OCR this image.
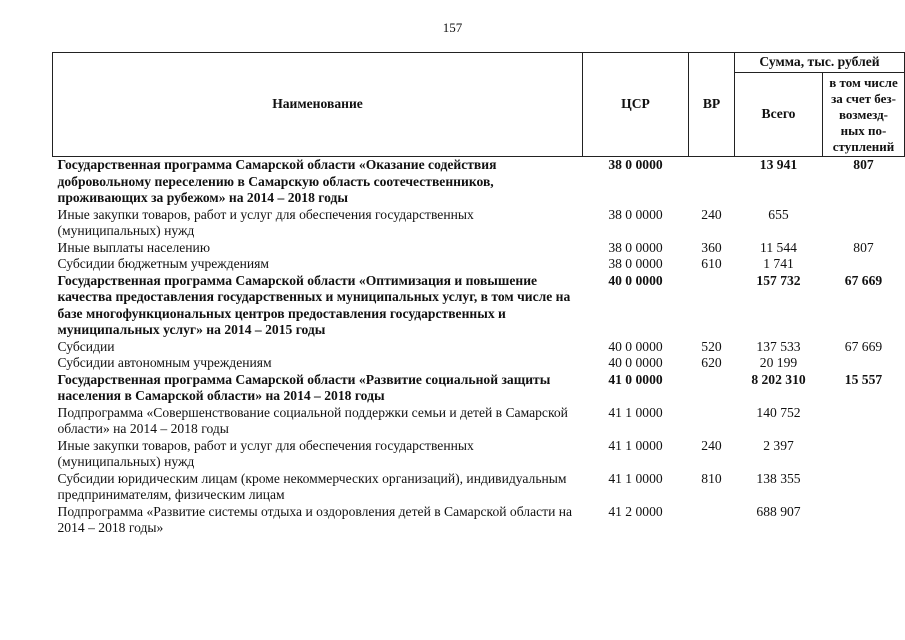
157
Наименование	ЦСР	ВР	Сумма, тыс. рублей	
			Всего	в том числе
за счет без-
возмезд-
ных по-
ступлений
Государственная программа Самарской области «Оказание содействия добровольному переселению в Самарскую область соотечественников, проживающих за рубежом» на 2014 – 2018 годы	38 0 0000		13 941	807
Иные закупки товаров, работ и услуг для обеспечения государственных (муниципальных) нужд	38 0 0000	240	655	
Иные выплаты населению	38 0 0000	360	11 544	807
Субсидии бюджетным учреждениям	38 0 0000	610	1 741	
Государственная программа Самарской области «Оптимизация и повышение качества предоставления государственных и муниципальных услуг, в том числе на базе многофункциональных центров предоставления государственных и муниципальных услуг» на 2014 – 2015 годы	40 0 0000		157 732	67 669
Субсидии	40 0 0000	520	137 533	67 669
Субсидии автономным учреждениям	40 0 0000	620	20 199	
Государственная программа Самарской области «Развитие социальной защиты населения в Самарской области» на 2014 – 2018 годы	41 0 0000		8 202 310	15 557
Подпрограмма «Совершенствование социальной поддержки семьи и детей в Самарской области» на 2014 – 2018 годы	41 1 0000		140 752	
Иные закупки товаров, работ и услуг для обеспечения государственных (муниципальных) нужд	41 1 0000	240	2 397	
Субсидии юридическим лицам (кроме некоммерческих организаций), индивидуальным предпринимателям, физическим лицам	41 1 0000	810	138 355	
Подпрограмма «Развитие системы отдыха и оздоровления детей в Самарской области на 2014 – 2018 годы»	41 2 0000		688 907	
